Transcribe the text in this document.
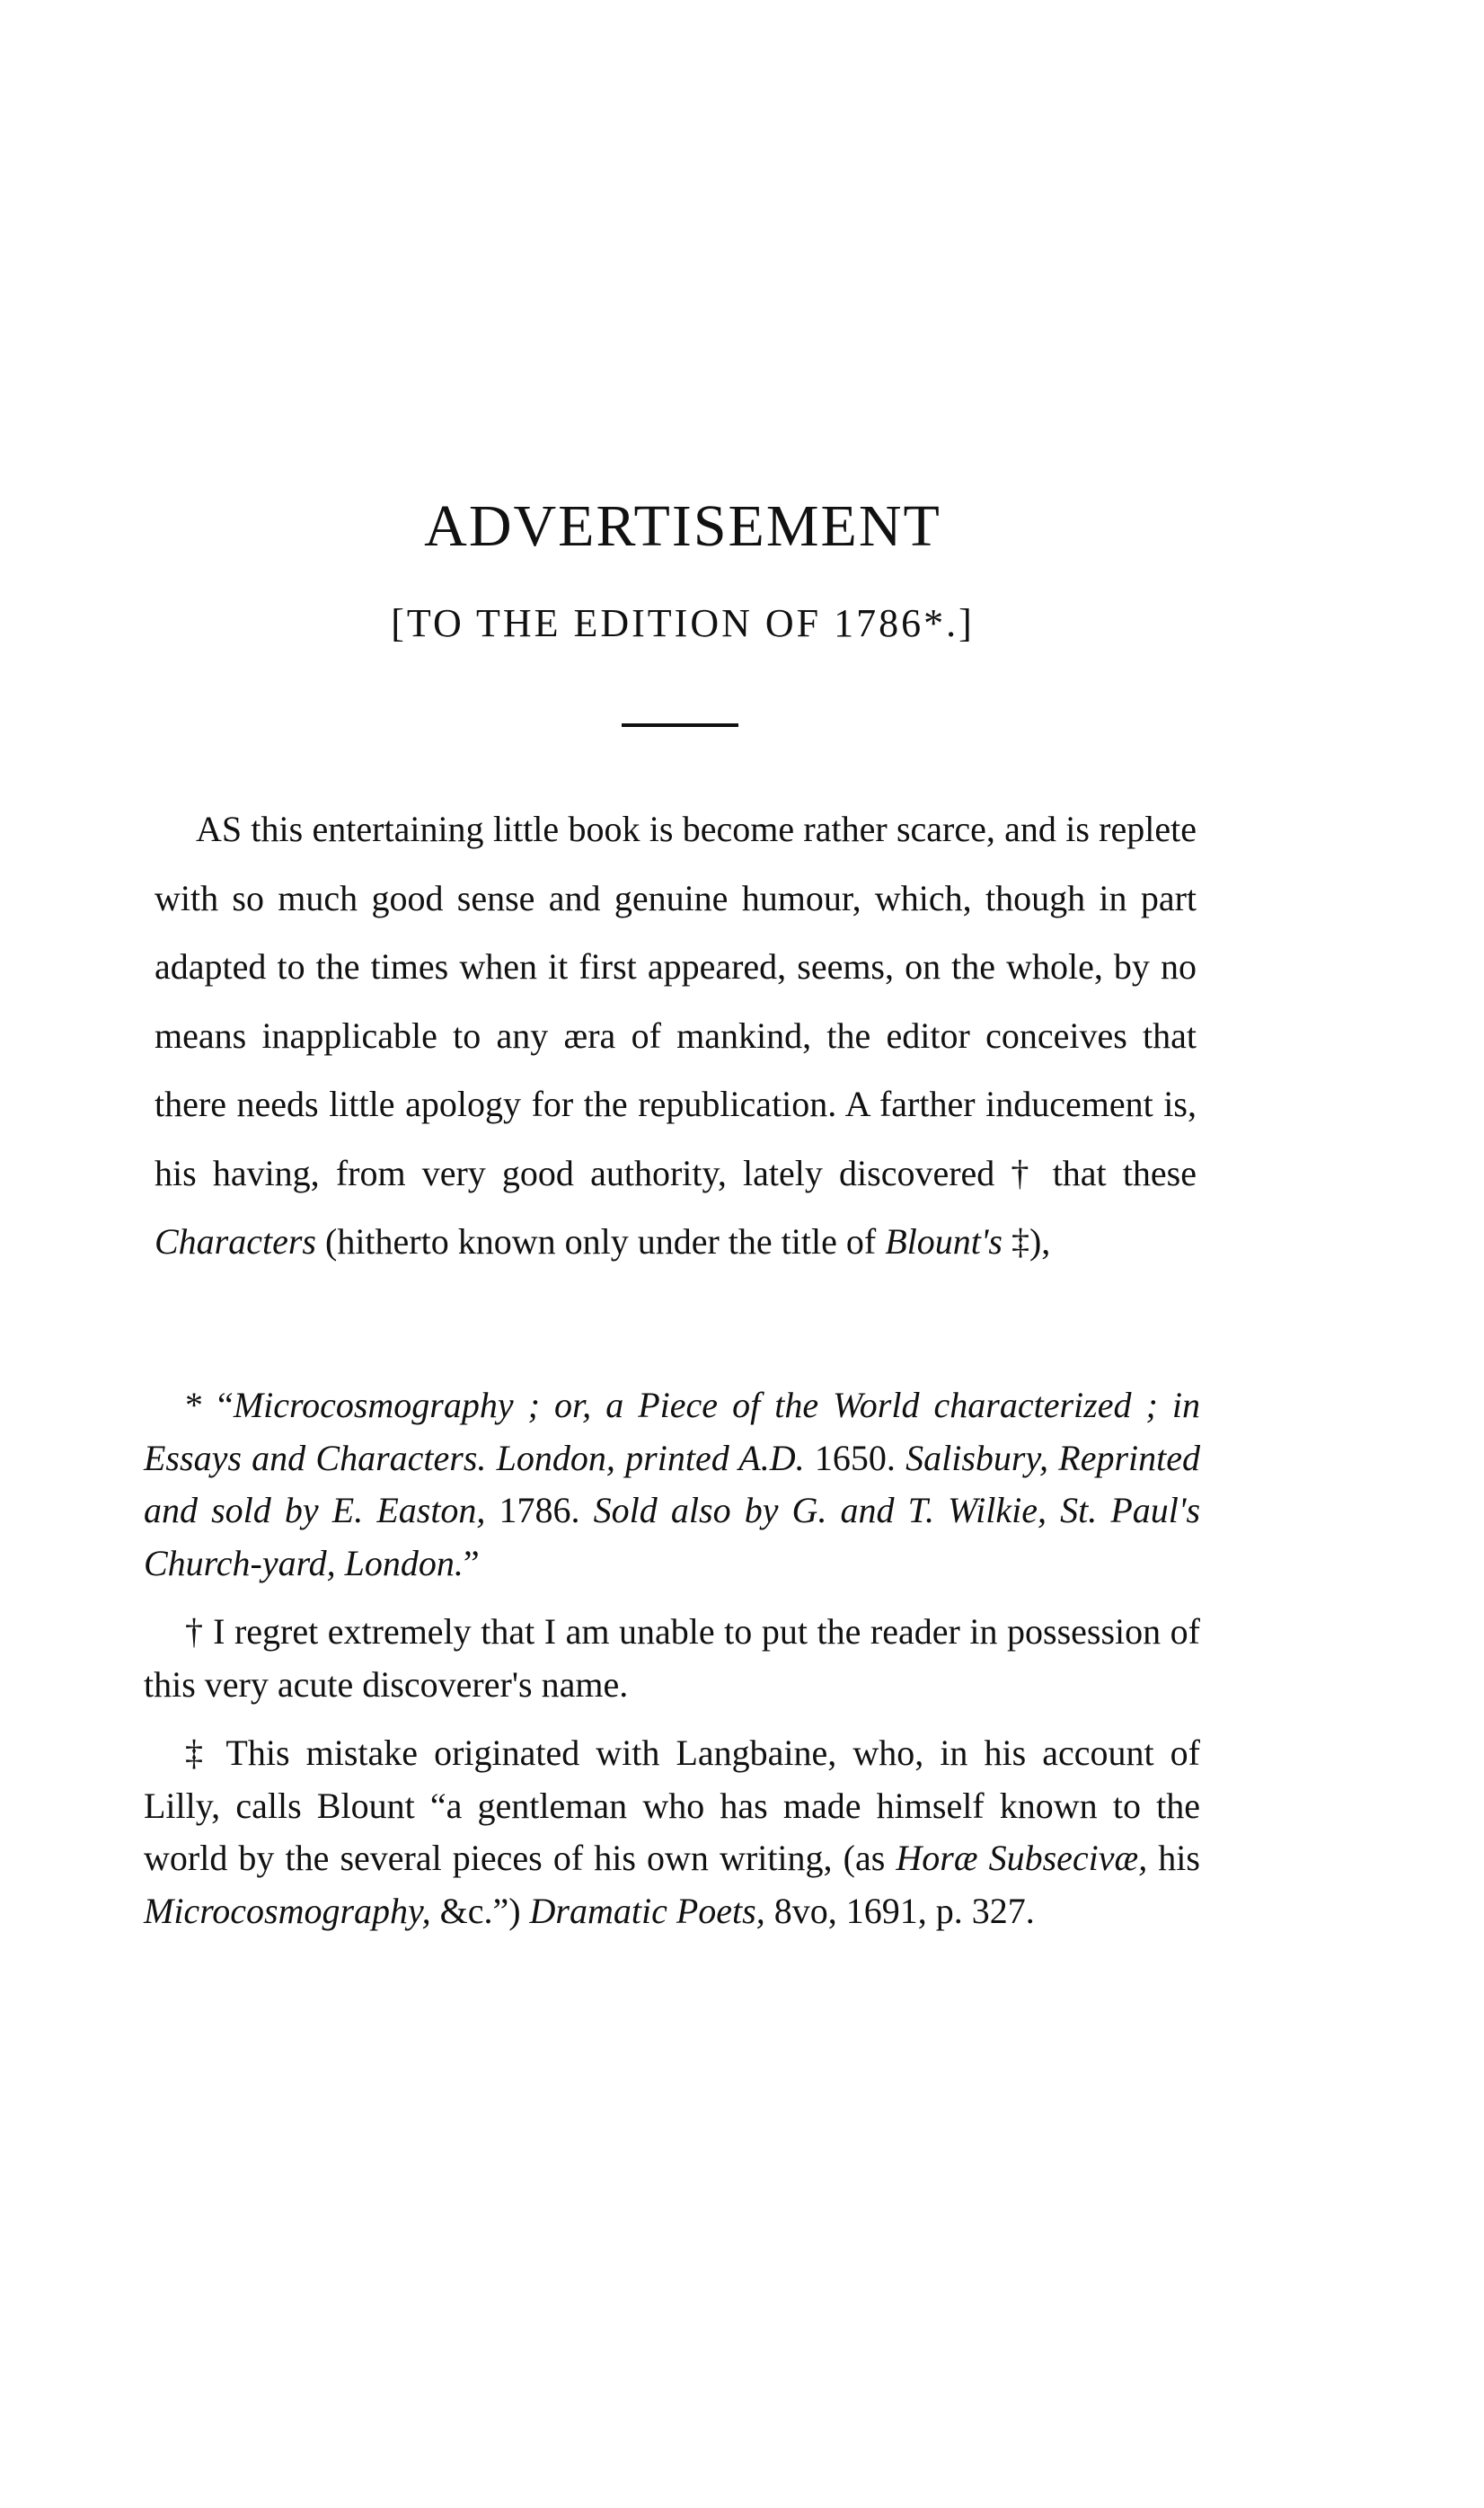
ADVERTISEMENT
[TO THE EDITION OF 1786*.]

AS this entertaining little book is become rather scarce, and is replete with so much good sense and genuine humour, which, though in part adapted to the times when it first appeared, seems, on the whole, by no means inapplicable to any æra of mankind, the editor conceives that there needs little apology for the republication. A farther inducement is, his having, from very good authority, lately discovered † that these Characters (hitherto known only under the title of Blount's ‡),

* “Microcosmography ; or, a Piece of the World characterized ; in Essays and Characters. London, printed A.D. 1650. Salisbury, Reprinted and sold by E. Easton, 1786. Sold also by G. and T. Wilkie, St. Paul's Church-yard, London.”

† I regret extremely that I am unable to put the reader in possession of this very acute discoverer's name.

‡ This mistake originated with Langbaine, who, in his account of Lilly, calls Blount “a gentleman who has made himself known to the world by the several pieces of his own writing, (as Horæ Subsecivæ, his Microcosmography, &c.”) Dramatic Poets, 8vo, 1691, p. 327.
